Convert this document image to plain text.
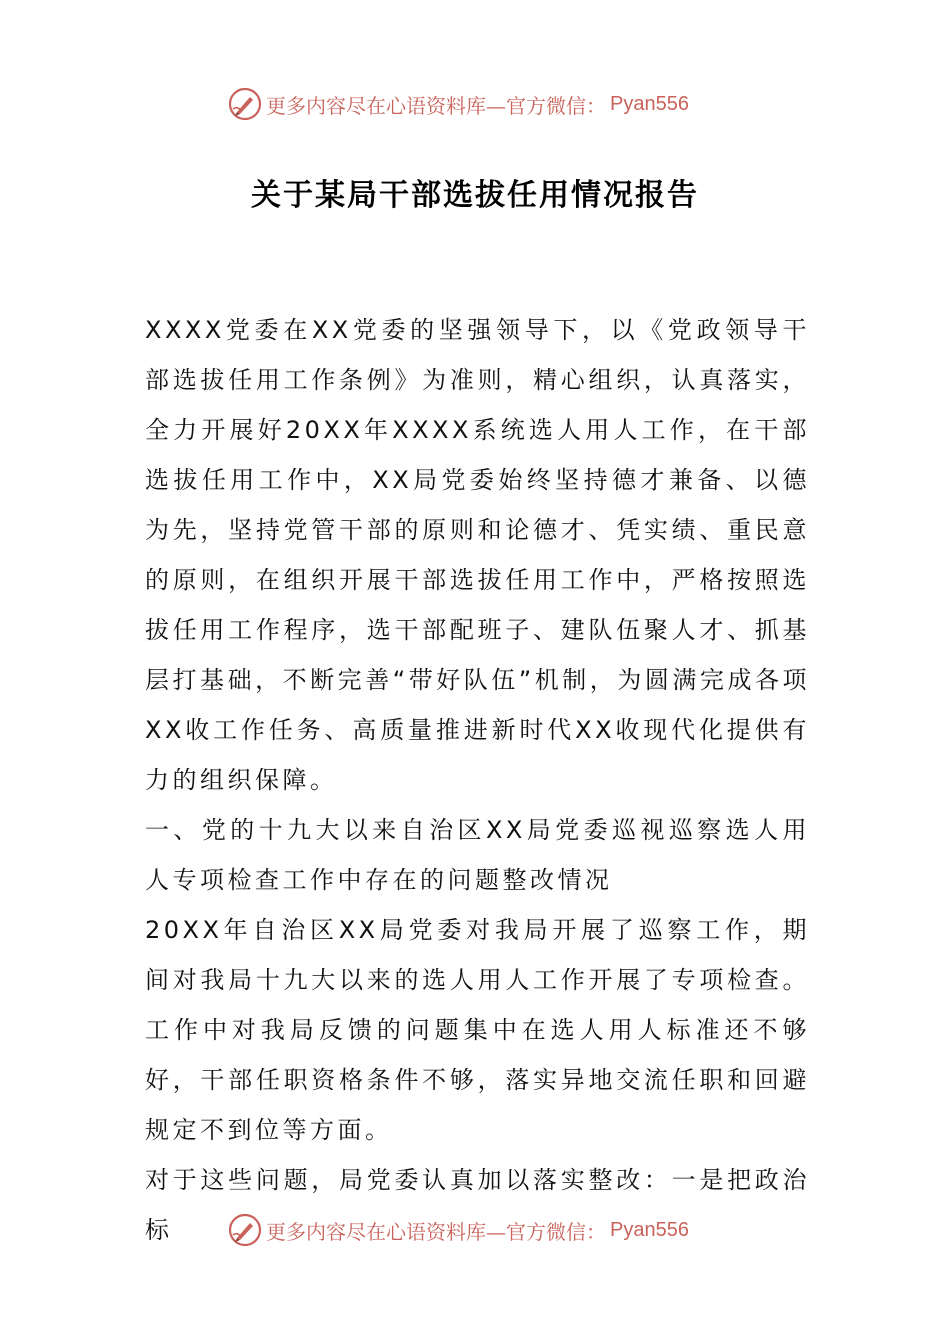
更多内容尽在心语资料库—官方微信： Pyan556
关于某局干部选拔任用情况报告

XXXX党委在XX党委的坚强领导下，以《党政领导干部选拔任用工作条例》为准则，精心组织，认真落实，全力开展好20XX年XXXX系统选人用人工作，在干部选拔任用工作中，XX局党委始终坚持德才兼备、以德为先，坚持党管干部的原则和论德才、凭实绩、重民意的原则，在组织开展干部选拔任用工作中，严格按照选拔任用工作程序，选干部配班子、建队伍聚人才、抓基层打基础，不断完善“带好队伍”机制，为圆满完成各项XX收工作任务、高质量推进新时代XX收现代化提供有力的组织保障。

一、党的十九大以来自治区XX局党委巡视巡察选人用人专项检查工作中存在的问题整改情况

20XX年自治区XX局党委对我局开展了巡察工作，期间对我局十九大以来的选人用人工作开展了专项检查。工作中对我局反馈的问题集中在选人用人标准还不够好，干部任职资格条件不够，落实异地交流任职和回避规定不到位等方面。

对于这些问题，局党委认真加以落实整改：一是把政治标	更多内容尽在心语资料库—官方微信： Pyan556
